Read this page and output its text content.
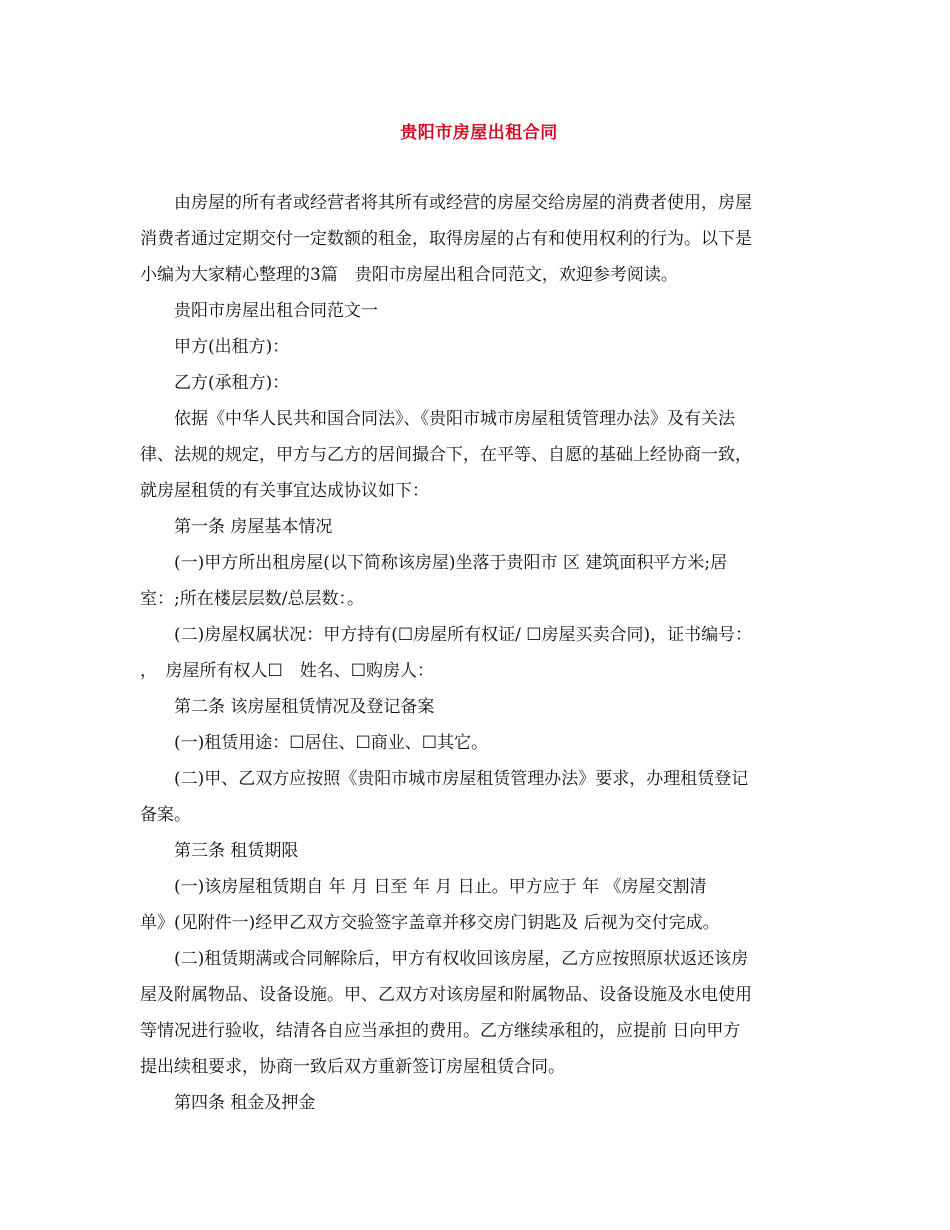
贵阳市房屋出租合同

由房屋的所有者或经营者将其所有或经营的房屋交给房屋的消费者使用，房屋

消费者通过定期交付一定数额的租金，取得房屋的占有和使用权利的行为。以下是

小编为大家精心整理的3篇　贵阳市房屋出租合同范文，欢迎参考阅读。

贵阳市房屋出租合同范文一

甲方(出租方)：

乙方(承租方)：

依据《中华人民共和国合同法》、《贵阳市城市房屋租赁管理办法》及有关法

律、法规的规定，甲方与乙方的居间撮合下，在平等、自愿的基础上经协商一致，

就房屋租赁的有关事宜达成协议如下：

第一条 房屋基本情况

(一)甲方所出租房屋(以下简称该房屋)坐落于贵阳市 区 建筑面积平方米;居

室：;所在楼层层数/总层数：。

(二)房屋权属状况：甲方持有(☐房屋所有权证/ ☐房屋买卖合同)，证书编号：

，　房屋所有权人☐　姓名、☐购房人：

第二条 该房屋租赁情况及登记备案

(一)租赁用途：☐居住、☐商业、☐其它。

(二)甲、乙双方应按照《贵阳市城市房屋租赁管理办法》要求，办理租赁登记

备案。

第三条 租赁期限

(一)该房屋租赁期自 年 月 日至 年 月 日止。甲方应于 年 《房屋交割清

单》(见附件一)经甲乙双方交验签字盖章并移交房门钥匙及 后视为交付完成。

(二)租赁期满或合同解除后，甲方有权收回该房屋，乙方应按照原状返还该房

屋及附属物品、设备设施。甲、乙双方对该房屋和附属物品、设备设施及水电使用

等情况进行验收，结清各自应当承担的费用。乙方继续承租的，应提前 日向甲方

提出续租要求，协商一致后双方重新签订房屋租赁合同。

第四条 租金及押金
